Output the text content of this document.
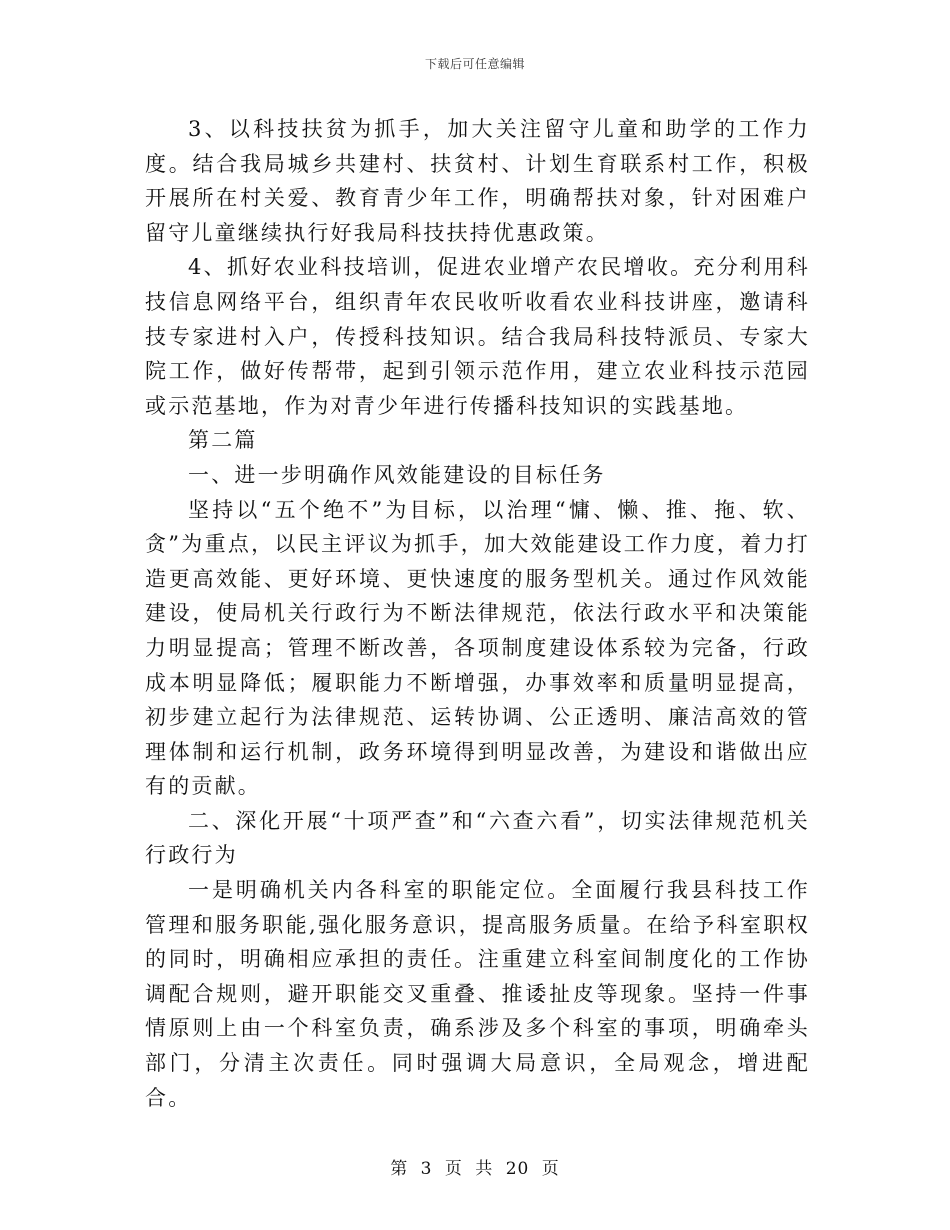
下载后可任意编辑

3、以科技扶贫为抓手，加大关注留守儿童和助学的工作力度。结合我局城乡共建村、扶贫村、计划生育联系村工作，积极开展所在村关爱、教育青少年工作，明确帮扶对象，针对困难户留守儿童继续执行好我局科技扶持优惠政策。

4、抓好农业科技培训，促进农业增产农民增收。充分利用科技信息网络平台，组织青年农民收听收看农业科技讲座，邀请科技专家进村入户，传授科技知识。结合我局科技特派员、专家大院工作，做好传帮带，起到引领示范作用，建立农业科技示范园或示范基地，作为对青少年进行传播科技知识的实践基地。

第二篇

一、进一步明确作风效能建设的目标任务

坚持以“五个绝不”为目标，以治理“慵、懒、推、拖、软、贪”为重点，以民主评议为抓手，加大效能建设工作力度，着力打造更高效能、更好环境、更快速度的服务型机关。通过作风效能建设，使局机关行政行为不断法律规范，依法行政水平和决策能力明显提高；管理不断改善，各项制度建设体系较为完备，行政成本明显降低；履职能力不断增强，办事效率和质量明显提高，初步建立起行为法律规范、运转协调、公正透明、廉洁高效的管理体制和运行机制，政务环境得到明显改善，为建设和谐做出应有的贡献。

二、深化开展“十项严查”和“六查六看”，切实法律规范机关行政行为

一是明确机关内各科室的职能定位。全面履行我县科技工作管理和服务职能,强化服务意识，提高服务质量。在给予科室职权的同时，明确相应承担的责任。注重建立科室间制度化的工作协调配合规则，避开职能交叉重叠、推诿扯皮等现象。坚持一件事情原则上由一个科室负责，确系涉及多个科室的事项，明确牵头部门，分清主次责任。同时强调大局意识，全局观念，增进配合。

第 3 页 共 20 页
